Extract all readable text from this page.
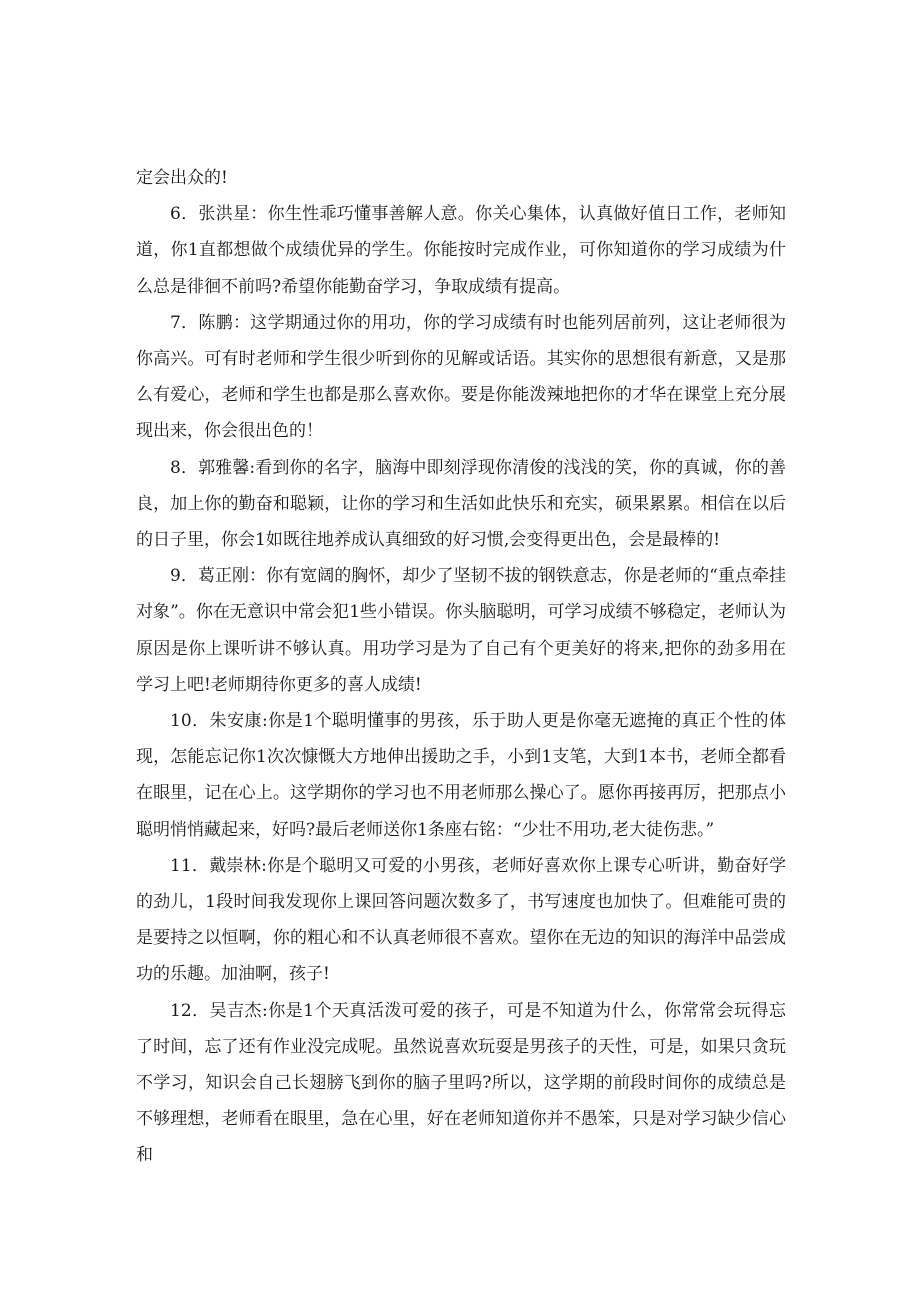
定会出众的!

6．张洪星：你生性乖巧懂事善解人意。你关心集体，认真做好值日工作，老师知道，你1直都想做个成绩优异的学生。你能按时完成作业，可你知道你的学习成绩为什么总是徘徊不前吗?希望你能勤奋学习，争取成绩有提高。

7．陈鹏：这学期通过你的用功，你的学习成绩有时也能列居前列，这让老师很为你高兴。可有时老师和学生很少听到你的见解或话语。其实你的思想很有新意，又是那么有爱心，老师和学生也都是那么喜欢你。要是你能泼辣地把你的才华在课堂上充分展现出来，你会很出色的！

8．郭雅馨:看到你的名字，脑海中即刻浮现你清俊的浅浅的笑，你的真诚，你的善良，加上你的勤奋和聪颖，让你的学习和生活如此快乐和充实，硕果累累。相信在以后的日子里，你会1如既往地养成认真细致的好习惯,会变得更出色，会是最棒的!

9．葛正刚：你有宽阔的胸怀，却少了坚韧不拔的钢铁意志，你是老师的“重点牵挂对象”。你在无意识中常会犯1些小错误。你头脑聪明，可学习成绩不够稳定，老师认为原因是你上课听讲不够认真。用功学习是为了自己有个更美好的将来,把你的劲多用在学习上吧!老师期待你更多的喜人成绩!

10．朱安康:你是1个聪明懂事的男孩，乐于助人更是你毫无遮掩的真正个性的体现，怎能忘记你1次次慷慨大方地伸出援助之手，小到1支笔，大到1本书，老师全都看在眼里，记在心上。这学期你的学习也不用老师那么操心了。愿你再接再厉，把那点小聪明悄悄藏起来，好吗?最后老师送你1条座右铭：“少壮不用功,老大徒伤悲。”

11．戴崇林:你是个聪明又可爱的小男孩，老师好喜欢你上课专心听讲，勤奋好学的劲儿，1段时间我发现你上课回答问题次数多了，书写速度也加快了。但难能可贵的是要持之以恒啊，你的粗心和不认真老师很不喜欢。望你在无边的知识的海洋中品尝成功的乐趣。加油啊，孩子!

12．吴吉杰:你是1个天真活泼可爱的孩子，可是不知道为什么，你常常会玩得忘了时间，忘了还有作业没完成呢。虽然说喜欢玩耍是男孩子的天性，可是，如果只贪玩不学习，知识会自己长翅膀飞到你的脑子里吗?所以，这学期的前段时间你的成绩总是不够理想，老师看在眼里，急在心里，好在老师知道你并不愚笨，只是对学习缺少信心和
